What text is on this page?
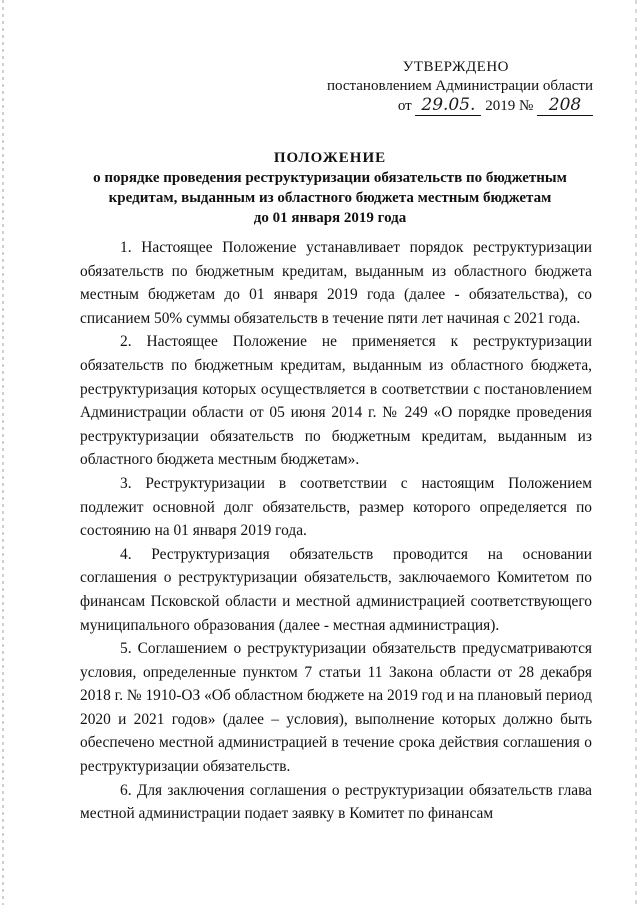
УТВЕРЖДЕНО
постановлением Администрации области
от 29.05. 2019 № 208
ПОЛОЖЕНИЕ
о порядке проведения реструктуризации обязательств по бюджетным
кредитам, выданным из областного бюджета местным бюджетам
до 01 января 2019 года

1. Настоящее Положение устанавливает порядок реструктуризации обязательств по бюджетным кредитам, выданным из областного бюджета местным бюджетам до 01 января 2019 года (далее - обязательства), со списанием 50% суммы обязательств в течение пяти лет начиная с 2021 года.

2. Настоящее Положение не применяется к реструктуризации обязательств по бюджетным кредитам, выданным из областного бюджета, реструктуризация которых осуществляется в соответствии с постановлением Администрации области от 05 июня 2014 г. № 249 «О порядке проведения реструктуризации обязательств по бюджетным кредитам, выданным из областного бюджета местным бюджетам».

3. Реструктуризации в соответствии с настоящим Положением подлежит основной долг обязательств, размер которого определяется по состоянию на 01 января 2019 года.

4. Реструктуризация обязательств проводится на основании соглашения о реструктуризации обязательств, заключаемого Комитетом по финансам Псковской области и местной администрацией соответствующего муниципального образования (далее - местная администрация).

5. Соглашением о реструктуризации обязательств предусматриваются условия, определенные пунктом 7 статьи 11 Закона области от 28 декабря 2018 г. № 1910-ОЗ «Об областном бюджете на 2019 год и на плановый период 2020 и 2021 годов» (далее – условия), выполнение которых должно быть обеспечено местной администрацией в течение срока действия соглашения о реструктуризации обязательств.

6. Для заключения соглашения о реструктуризации обязательств глава местной администрации подает заявку в Комитет по финансам
